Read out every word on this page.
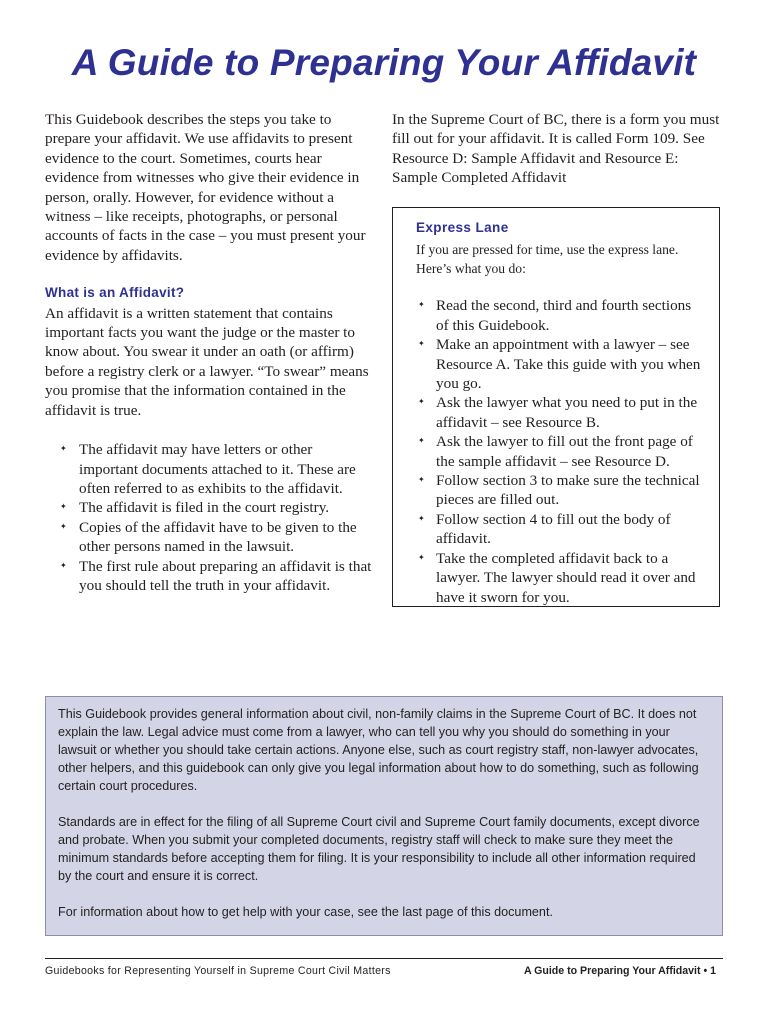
A Guide to Preparing Your Affidavit

This Guidebook describes the steps you take to prepare your affidavit. We use affidavits to present evidence to the court. Sometimes, courts hear evidence from witnesses who give their evidence in person, orally. However, for evidence without a witness – like receipts, photographs, or personal accounts of facts in the case – you must present your evidence by affidavits.

What is an Affidavit?

An affidavit is a written statement that contains important facts you want the judge or the master to know about. You swear it under an oath (or affirm) before a registry clerk or a lawyer. “To swear” means you promise that the information contained in the affidavit is true.

✦ The affidavit may have letters or other important documents attached to it. These are often referred to as exhibits to the affidavit.
✦ The affidavit is filed in the court registry.
✦ Copies of the affidavit have to be given to the other persons named in the lawsuit.
✦ The first rule about preparing an affidavit is that you should tell the truth in your affidavit.

In the Supreme Court of BC, there is a form you must fill out for your affidavit. It is called Form 109. See Resource D: Sample Affidavit and Resource E: Sample Completed Affidavit

Express Lane

If you are pressed for time, use the express lane. Here’s what you do:

✦ Read the second, third and fourth sections of this Guidebook.
✦ Make an appointment with a lawyer – see Resource A. Take this guide with you when you go.
✦ Ask the lawyer what you need to put in the affidavit – see Resource B.
✦ Ask the lawyer to fill out the front page of the sample affidavit – see Resource D.
✦ Follow section 3 to make sure the technical pieces are filled out.
✦ Follow section 4 to fill out the body of affidavit.
✦ Take the completed affidavit back to a lawyer. The lawyer should read it over and have it sworn for you.

This Guidebook provides general information about civil, non-family claims in the Supreme Court of BC. It does not explain the law. Legal advice must come from a lawyer, who can tell you why you should do something in your lawsuit or whether you should take certain actions. Anyone else, such as court registry staff, non-lawyer advocates, other helpers, and this guidebook can only give you legal information about how to do something, such as following certain court procedures.

Standards are in effect for the filing of all Supreme Court civil and Supreme Court family documents, except divorce and probate. When you submit your completed documents, registry staff will check to make sure they meet the minimum standards before accepting them for filing. It is your responsibility to include all other information required by the court and ensure it is correct.

For information about how to get help with your case, see the last page of this document.

Guidebooks for Representing Yourself in Supreme Court Civil Matters	A Guide to Preparing Your Affidavit • 1
